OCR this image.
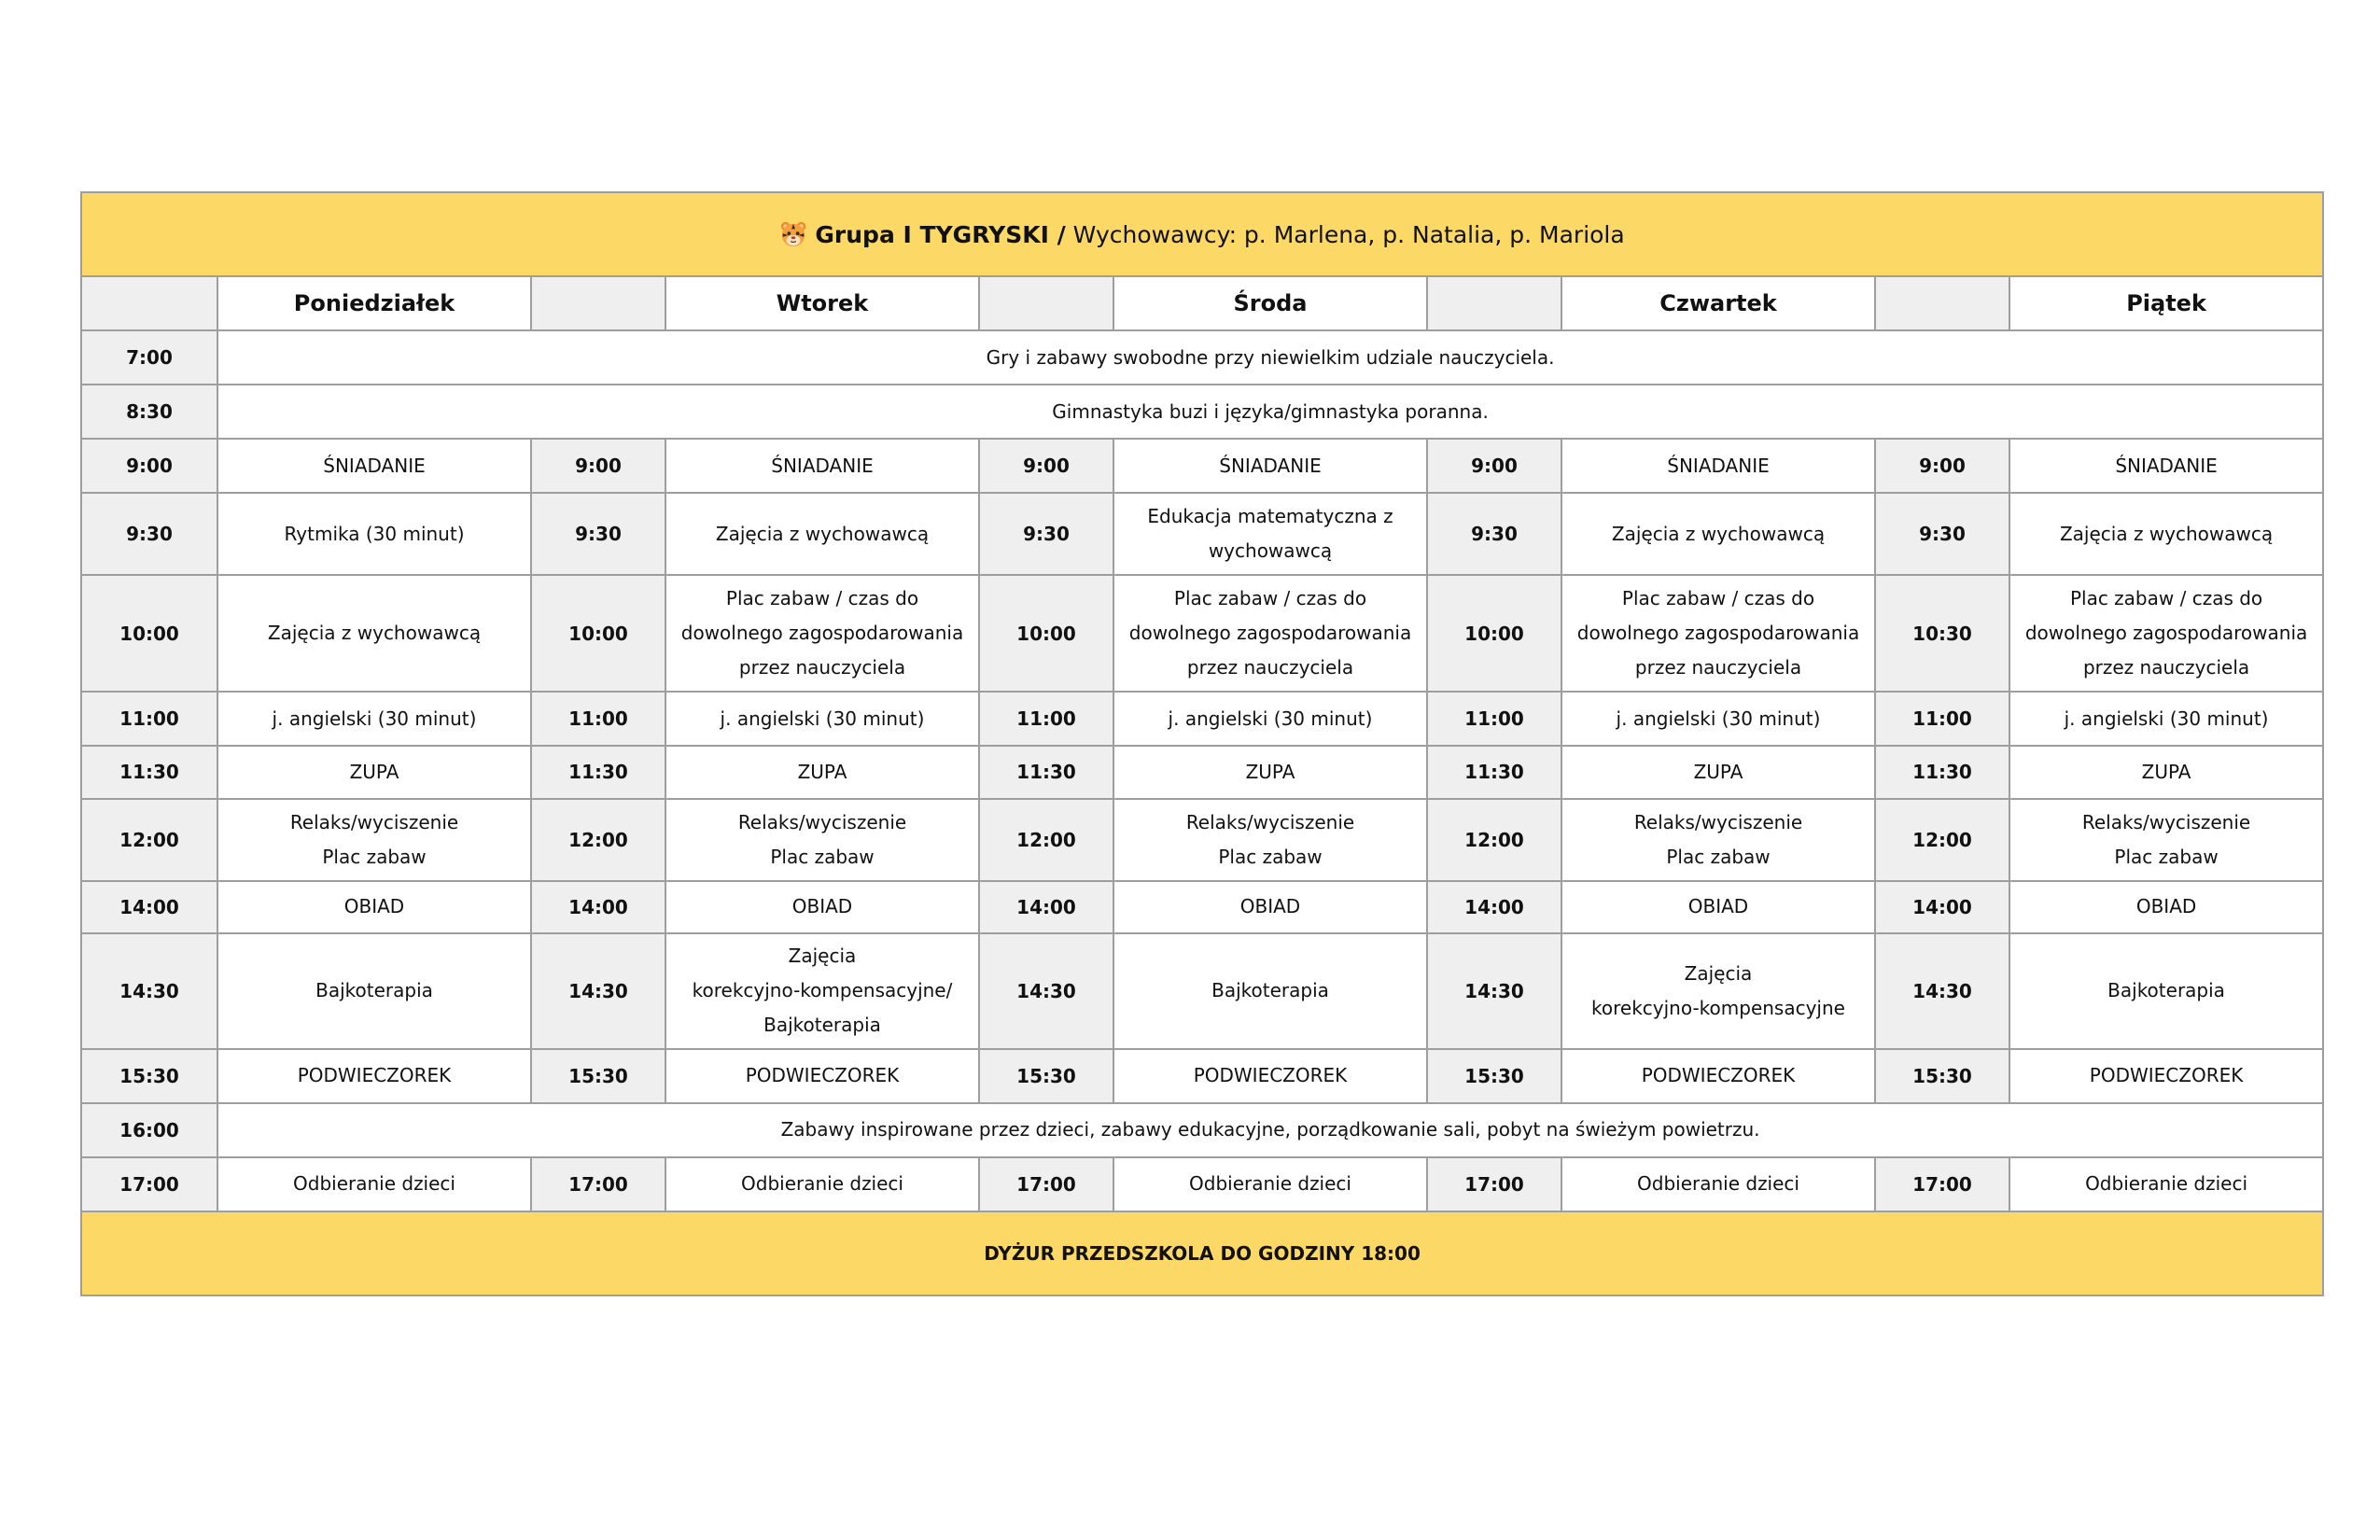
Grupa I TYGRYSKI / Wychowawcy: p. Marlena, p. Natalia, p. Mariola									
	Poniedziałek		Wtorek		Środa		Czwartek		Piątek
7:00	Gry i zabawy swobodne przy niewielkim udziale nauczyciela.								
8:30	Gimnastyka buzi i języka/gimnastyka poranna.								
9:00	ŚNIADANIE	9:00	ŚNIADANIE	9:00	ŚNIADANIE	9:00	ŚNIADANIE	9:00	ŚNIADANIE
9:30	Rytmika (30 minut)	9:30	Zajęcia z wychowawcą	9:30	Edukacja matematyczna z wychowawcą	9:30	Zajęcia z wychowawcą	9:30	Zajęcia z wychowawcą
10:00	Zajęcia z wychowawcą	10:00	Plac zabaw / czas do dowolnego zagospodarowania przez nauczyciela	10:00	Plac zabaw / czas do dowolnego zagospodarowania przez nauczyciela	10:00	Plac zabaw / czas do dowolnego zagospodarowania przez nauczyciela	10:30	Plac zabaw / czas do dowolnego zagospodarowania przez nauczyciela
11:00	j. angielski (30 minut)	11:00	j. angielski (30 minut)	11:00	j. angielski (30 minut)	11:00	j. angielski (30 minut)	11:00	j. angielski (30 minut)
11:30	ZUPA	11:30	ZUPA	11:30	ZUPA	11:30	ZUPA	11:30	ZUPA
12:00	Relaks/wyciszenie
Plac zabaw	12:00	Relaks/wyciszenie
Plac zabaw	12:00	Relaks/wyciszenie
Plac zabaw	12:00	Relaks/wyciszenie
Plac zabaw	12:00	Relaks/wyciszenie
Plac zabaw
14:00	OBIAD	14:00	OBIAD	14:00	OBIAD	14:00	OBIAD	14:00	OBIAD
14:30	Bajkoterapia	14:30	Zajęcia
korekcyjno-kompensacyjne/
Bajkoterapia	14:30	Bajkoterapia	14:30	Zajęcia
korekcyjno-kompensacyjne	14:30	Bajkoterapia
15:30	PODWIECZOREK	15:30	PODWIECZOREK	15:30	PODWIECZOREK	15:30	PODWIECZOREK	15:30	PODWIECZOREK
16:00	Zabawy inspirowane przez dzieci, zabawy edukacyjne, porządkowanie sali, pobyt na świeżym powietrzu.								
17:00	Odbieranie dzieci	17:00	Odbieranie dzieci	17:00	Odbieranie dzieci	17:00	Odbieranie dzieci	17:00	Odbieranie dzieci
DYŻUR PRZEDSZKOLA DO GODZINY 18:00									
